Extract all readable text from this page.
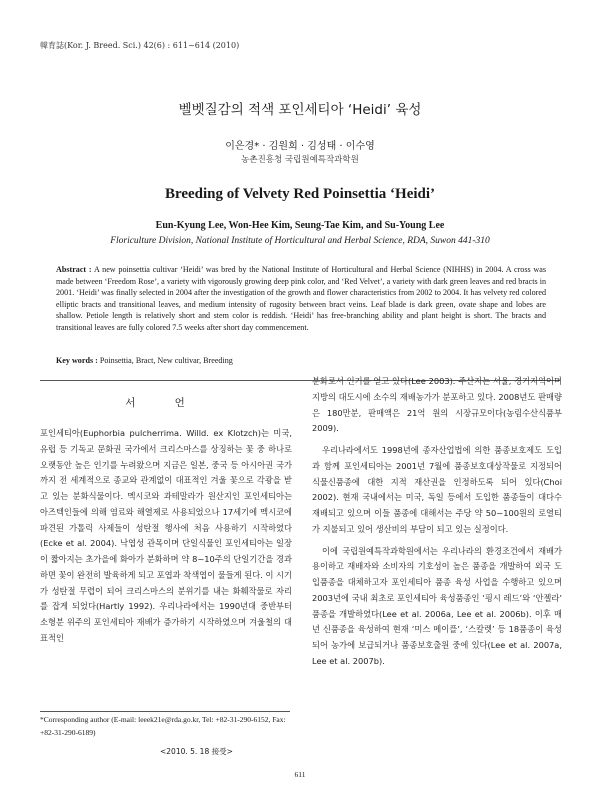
韓育誌(Kor. J. Breed. Sci.) 42(6) : 611~614 (2010)
벨벳질감의 적색 포인세티아 ‘Heidi’ 육성
이은경* · 김원희 · 김성태 · 이수영
농촌진흥청 국립원예특작과학원
Breeding of Velvety Red Poinsettia ‘Heidi’
Eun-Kyung Lee, Won-Hee Kim, Seung-Tae Kim, and Su-Young Lee
Floriculture Division, National Institute of Horticultural and Herbal Science, RDA, Suwon 441-310
Abstract : A new poinsettia cultivar ‘Heidi’ was bred by the National Institute of Horticultural and Herbal Science (NIHHS) in 2004. A cross was made between ‘Freedom Rose’, a variety with vigorously growing deep pink color, and ‘Red Velvet’, a variety with dark green leaves and red bracts in 2001. ‘Heidi’ was finally selected in 2004 after the investigation of the growth and flower characteristics from 2002 to 2004. It has velvety red colored elliptic bracts and transitional leaves, and medium intensity of rugosity between bract veins. Leaf blade is dark green, ovate shape and lobes are shallow. Petiole length is relatively short and stem color is reddish. ‘Heidi’ has free-branching ability and plant height is short. The bracts and transitional leaves are fully colored 7.5 weeks after short day commencement.
Key words : Poinsettia, Bract, New cultivar, Breeding
서 언

포인세티아(Euphorbia pulcherrima. Willd. ex Klotzch)는 미국, 유럽 등 기독교 문화권 국가에서 크리스마스를 상징하는 꽃 중 하나로 오랫동안 높은 인기를 누려왔으며 지금은 일본, 중국 등 아시아권 국가까지 전 세계적으로 종교와 관계없이 대표적인 겨울 꽃으로 각광을 받고 있는 분화식물이다. 멕시코와 과테말라가 원산지인 포인세티아는 아즈텍인들에 의해 염료와 해열제로 사용되었으나 17세기에 멕시코에 파견된 가톨릭 사제들이 성탄절 행사에 처음 사용하기 시작하였다(Ecke et al. 2004). 낙엽성 관목이며 단일식물인 포인세티아는 일장이 짧아지는 초가을에 화아가 분화하며 약 8~10주의 단일기간을 경과하면 꽃이 완전히 발육하게 되고 포엽과 착색엽이 물들게 된다. 이 시기가 성탄절 무렵이 되어 크리스마스의 분위기를 내는 화훼작물로 자리를 잡게 되었다(Hartly 1992). 우리나라에서는 1990년대 중반부터 소형분 위주의 포인세티아 재배가 증가하기 시작하였으며 겨울철의 대표적인

분화로서 인기를 얻고 있다(Lee 2003). 주산지는 서울, 경기지역이며 지방의 대도시에 소수의 재배농가가 분포하고 있다. 2008년도 판매량은 180만분, 판매액은 21억 원의 시장규모이다(농림수산식품부 2009).

우리나라에서도 1998년에 종자산업법에 의한 품종보호제도 도입과 함께 포인세티아는 2001년 7월에 품종보호대상작물로 지정되어 식물신품종에 대한 지적 재산권을 인정하도록 되어 있다(Choi 2002). 현재 국내에서는 미국, 독일 등에서 도입한 품종들이 대다수 재배되고 있으며 이들 품종에 대해서는 주당 약 50~100원의 로열티가 지불되고 있어 생산비의 부담이 되고 있는 실정이다.

이에 국립원예특작과학원에서는 우리나라의 환경조건에서 재배가 용이하고 재배자와 소비자의 기호성이 높은 품종을 개발하여 외국 도입품종을 대체하고자 포인세티아 품종 육성 사업을 수행하고 있으며 2003년에 국내 최초로 포인세티아 육성품종인 ‘핑시 레드’와 ‘안젤라’ 품종을 개발하였다(Lee et al. 2006a, Lee et al. 2006b). 이후 매년 신품종을 육성하여 현재 ‘미스 메이플’, ‘스칼렛’ 등 18품종이 육성되어 농가에 보급되거나 품종보호출원 중에 있다(Lee et al. 2007a, Lee et al. 2007b).

*Corresponding author (E-mail: leeek21e@rda.go.kr, Tel: +82-31-290-6152, Fax: +82-31-290-6189)
<2010. 5. 18 接受>
611
